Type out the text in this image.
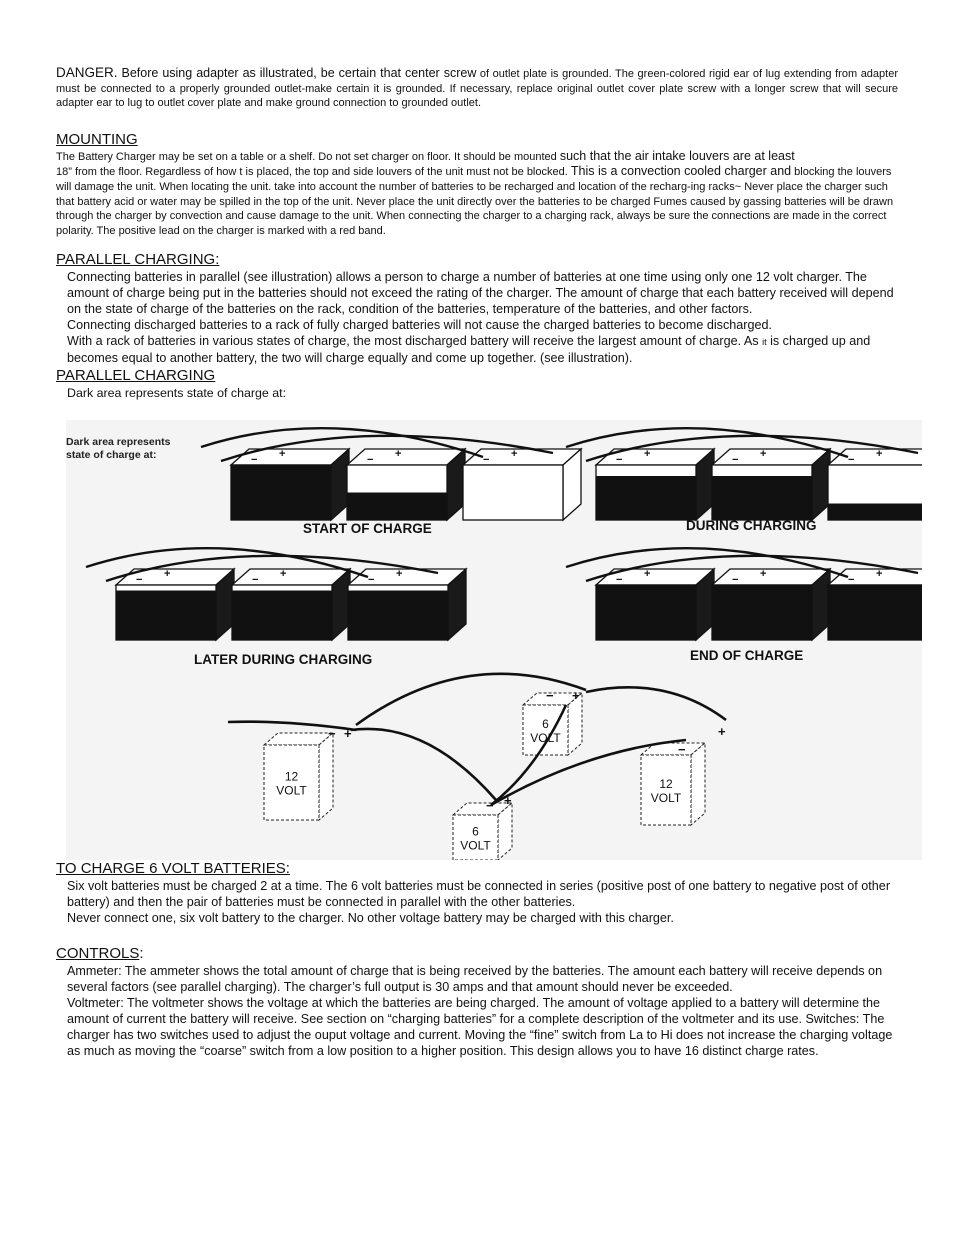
DANGER. Before using adapter as illustrated, be certain that center screw of outlet plate is grounded. The green-colored rigid ear of lug extending from adapter must be connected to a properly grounded outlet-make certain it is grounded. If necessary, replace original outlet cover plate screw with a longer screw that will secure adapter ear to lug to outlet cover plate and make ground connection to grounded outlet.

MOUNTING

The Battery Charger may be set on a table or a shelf. Do not set charger on floor. It should be mounted such that the air intake louvers are at least
18” from the floor. Regardless of how t is placed, the top and side louvers of the unit must not be blocked. This is a convection cooled charger and blocking the louvers will damage the unit. When locating the unit. take into account the number of batteries to be recharged and location of the recharg-ing racks~ Never place the charger such that battery acid or water may be spilled in the top of the unit. Never place the unit directly over the batteries to be charged Fumes caused by gassing batteries will be drawn through the charger by convection and cause damage to the unit. When connecting the charger to a charging rack, always be sure the connections are made in the correct polarity. The positive lead on the charger is marked with a red band.

PARALLEL CHARGING:

Connecting batteries in parallel (see illustration) allows a person to charge a number of batteries at one time using only one 12 volt charger. The amount of charge being put in the batteries should not exceed the rating of the charger. The amount of charge that each battery received will depend on the state of charge of the batteries on the rack, condition of the batteries, temperature of the batteries, and other factors.

Connecting discharged batteries to a rack of fully charged batteries will not cause the charged batteries to become discharged.

With a rack of batteries in various states of charge, the most discharged battery will receive the largest amount of charge. As it is charged up and becomes equal to another battery, the two will charge equally and come up together. (see illustration).

PARALLEL CHARGING

Dark area represents state of charge at:

Dark area represents
state of charge at:	− +	− +	− +
START OF CHARGE
− +	− +	− +
DURING CHARGING
− +	− +	− +
LATER DURING CHARGING
− +	− +	− +
END OF CHARGE
12
VOLT
6
VOLT
6
VOLT
12
VOLT
+
−
+
−
+
−
+
−

TO CHARGE 6 VOLT BATTERIES:

Six volt batteries must be charged 2 at a time. The 6 volt batteries must be connected in series (positive post of one battery to negative post of other battery) and then the pair of batteries must be connected in parallel with the other batteries.

Never connect one, six volt battery to the charger. No other voltage battery may be charged with this charger.

CONTROLS:

Ammeter: The ammeter shows the total amount of charge that is being received by the batteries. The amount each battery will receive depends on several factors (see parallel charging). The charger’s full output is 30 amps and that amount should never be exceeded.

Voltmeter: The voltmeter shows the voltage at which the batteries are being charged. The amount of voltage applied to a battery will determine the amount of current the battery will receive. See section on “charging batteries” for a complete description of the voltmeter and its use. Switches: The charger has two switches used to adjust the ouput voltage and current. Moving the “fine” switch from La to Hi does not increase the charging voltage as much as moving the “coarse” switch from a low position to a higher position. This design allows you to have 16 distinct charge rates.
